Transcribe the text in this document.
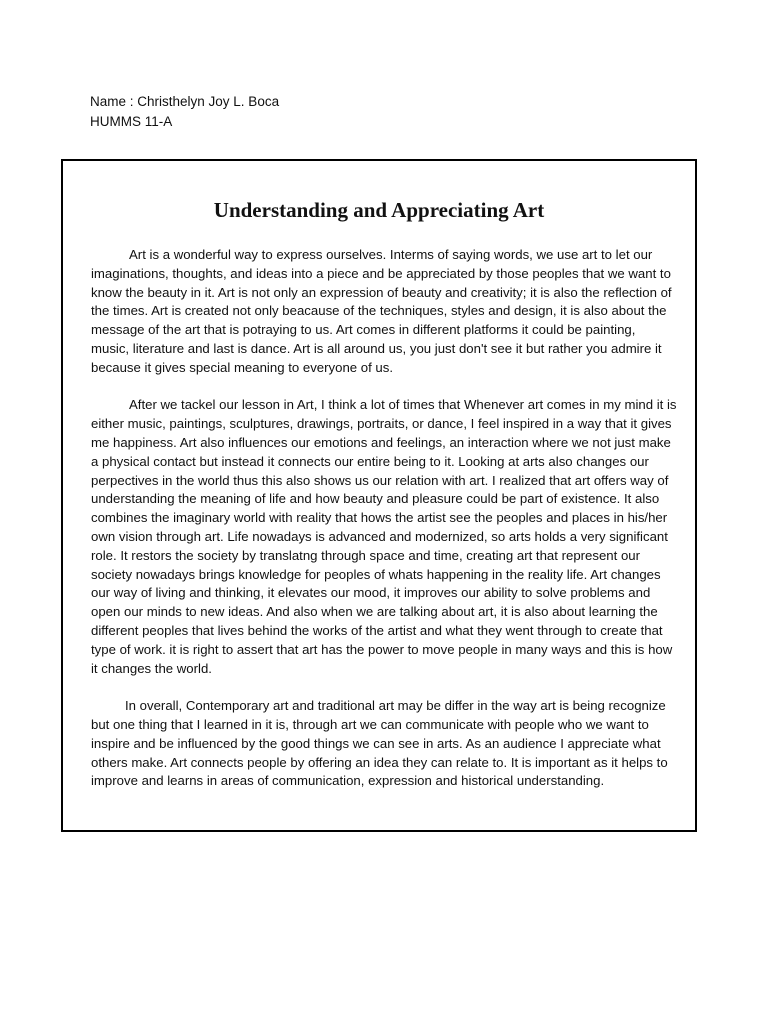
Name : Christhelyn Joy L. Boca
HUMMS 11-A
Understanding and Appreciating Art

Art is a wonderful way to express ourselves. Interms of saying words, we use art to let our imaginations, thoughts, and ideas into a piece and be appreciated by those peoples that we want to know the beauty in it. Art is not only an expression of beauty and creativity; it is also the reflection of the times. Art is created not only beacause of the techniques, styles and design, it is also about the message of the art that is potraying to us. Art comes in different platforms it could be painting, music, literature and last is dance. Art is all around us, you just don't see it but rather you admire it because it gives special meaning to everyone of us.

After we tackel our lesson in Art, I think a lot of times that Whenever art comes in my mind it is either music, paintings, sculptures, drawings, portraits, or dance, I feel inspired in a way that it gives me happiness. Art also influences our emotions and feelings, an interaction where we not just make a physical contact but instead it connects our entire being to it. Looking at arts also changes our perpectives in the world thus this also shows us our relation with art. I realized that art offers way of understanding the meaning of life and how beauty and pleasure could be part of existence. It also combines the imaginary world with reality that hows the artist see the peoples and places in his/her own vision through art. Life nowadays is advanced and modernized, so arts holds a very significant role. It restors the society by translatng through space and time, creating art that represent our society nowadays brings knowledge for peoples of whats happening in the reality life. Art changes our way of living and thinking, it elevates our mood, it improves our ability to solve problems and open our minds to new ideas. And also when we are talking about art, it is also about learning the different peoples that lives behind the works of the artist and what they went through to create that type of work. it is right to assert that art has the power to move people in many ways and this is how it changes the world.

In overall, Contemporary art and traditional art may be differ in the way art is being recognize but one thing that I learned in it is, through art we can communicate with people who we want to inspire and be influenced by the good things we can see in arts. As an audience I appreciate what others make. Art connects people by offering an idea they can relate to. It is important as it helps to improve and learns in areas of communication, expression and historical understanding.
